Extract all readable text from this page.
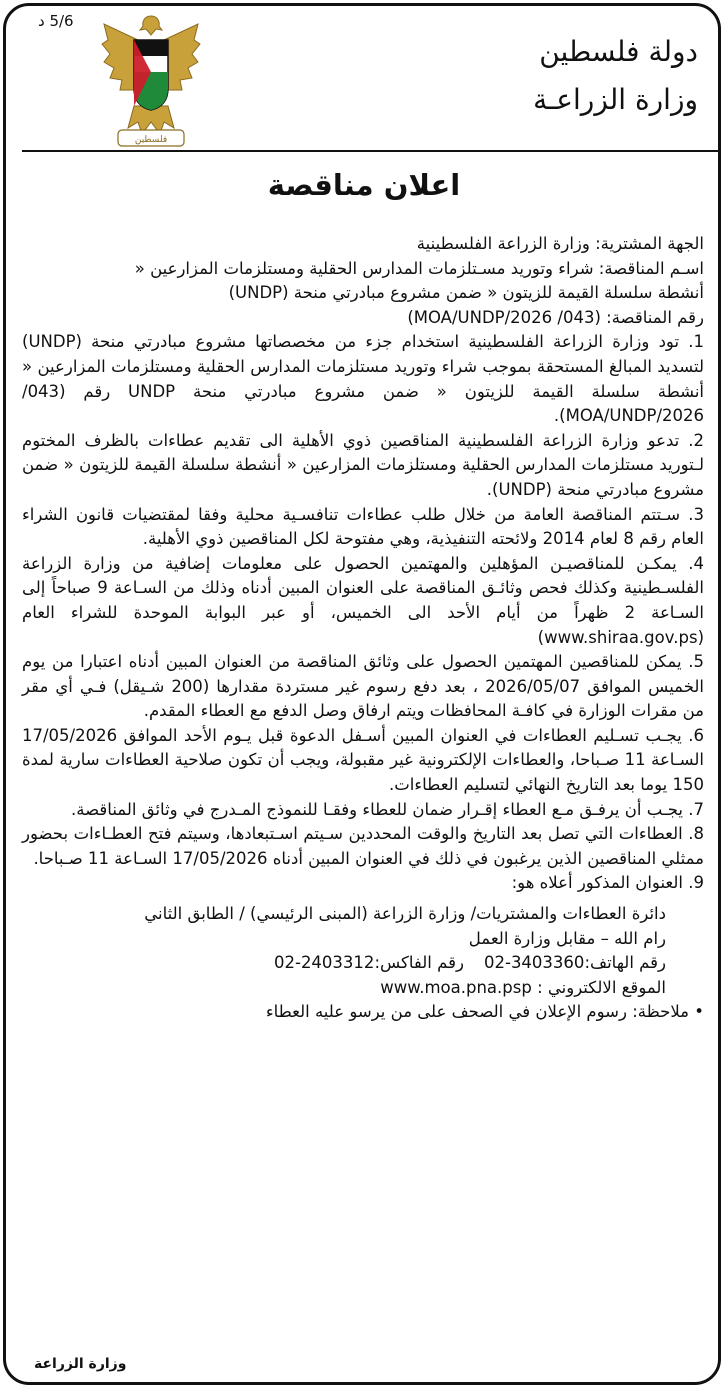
5/6 د
دولة فلسطين
وزارة الزراعـة
فلسطين
اعلان مناقصة

الجهة المشترية: وزارة الزراعة الفلسطينية

اسـم المناقصة: شراء وتوريد مسـتلزمات المدارس الحقلية ومستلزمات المزارعين «

أنشطة سلسلة القيمة للزيتون « ضمن مشروع مبادرتي منحة (UNDP)

رقم المناقصة: (043/ MOA/UNDP/2026)

1. تود وزارة الزراعة الفلسطينية استخدام جزء من مخصصاتها مشروع مبادرتي منحة (UNDP) لتسديد المبالغ المستحقة بموجب شراء وتوريد مستلزمات المدارس الحقلية ومستلزمات المزارعين « أنشطة سلسلة القيمة للزيتون « ضمن مشروع مبادرتي منحة UNDP رقم (043/ MOA/UNDP/2026).

2. تدعو وزارة الزراعة الفلسطينية المناقصين ذوي الأهلية الى تقديم عطاءات بالظرف المختوم لـتوريد مستلزمات المدارس الحقلية ومستلزمات المزارعين « أنشطة سلسلة القيمة للزيتون « ضمن مشروع مبادرتي منحة (UNDP).

3. سـتتم المناقصة العامة من خلال طلب عطاءات تنافسـية محلية وفقا لمقتضيات قانون الشراء العام رقم 8 لعام 2014 ولائحته التنفيذية، وهي مفتوحة لكل المناقصين ذوي الأهلية.

4. يمكـن للمناقصيـن المؤهلين والمهتمين الحصول على معلومات إضافية من وزارة الزراعة الفلسـطينية وكذلك فحص وثائـق المناقصة على العنوان المبين أدناه وذلك من السـاعة 9 صباحاً إلى السـاعة 2 ظهراً من أيام الأحد الى الخميس، أو عبر البوابة الموحدة للشراء العام (www.shiraa.gov.ps)

5. يمكن للمناقصين المهتمين الحصول على وثائق المناقصة من العنوان المبين أدناه اعتبارا من يوم الخميس الموافق 2026/05/07 ، بعد دفع رسوم غير مستردة مقدارها (200 شـيقل) فـي أي مقر من مقرات الوزارة في كافـة المحافظات ويتم ارفاق وصل الدفع مع العطاء المقدم.

6. يجـب تسـليم العطاءات في العنوان المبين أسـفل الدعوة قبل يـوم الأحد الموافق 17/05/2026 السـاعة 11 صـباحا، والعطاءات الإلكترونية غير مقبولة، ويجب أن تكون صلاحية العطاءات سارية لمدة 150 يوما بعد التاريخ النهائي لتسليم العطاءات.

7. يجـب أن يرفـق مـع العطاء إقـرار ضمان للعطاء وفقـا للنموذج المـدرج في وثائق المناقصة.

8. العطاءات التي تصل بعد التاريخ والوقت المحددين سـيتم اسـتبعادها، وسيتم فتح العطـاءات بحضور ممثلي المناقصين الذين يرغبون في ذلك في العنوان المبين أدناه 17/05/2026 السـاعة 11 صـباحا.

9. العنوان المذكور أعلاه هو:

دائرة العطاءات والمشتريات/ وزارة الزراعة (المبنى الرئيسي) / الطابق الثاني

رام الله – مقابل وزارة العمل

رقم الهاتف:3403360-02
رقم الفاكس:2403312-02

الموقع الالكتروني : www.moa.pna.psp

• ملاحظة: رسوم الإعلان في الصحف على من يرسو عليه العطاء

وزارة الزراعة
